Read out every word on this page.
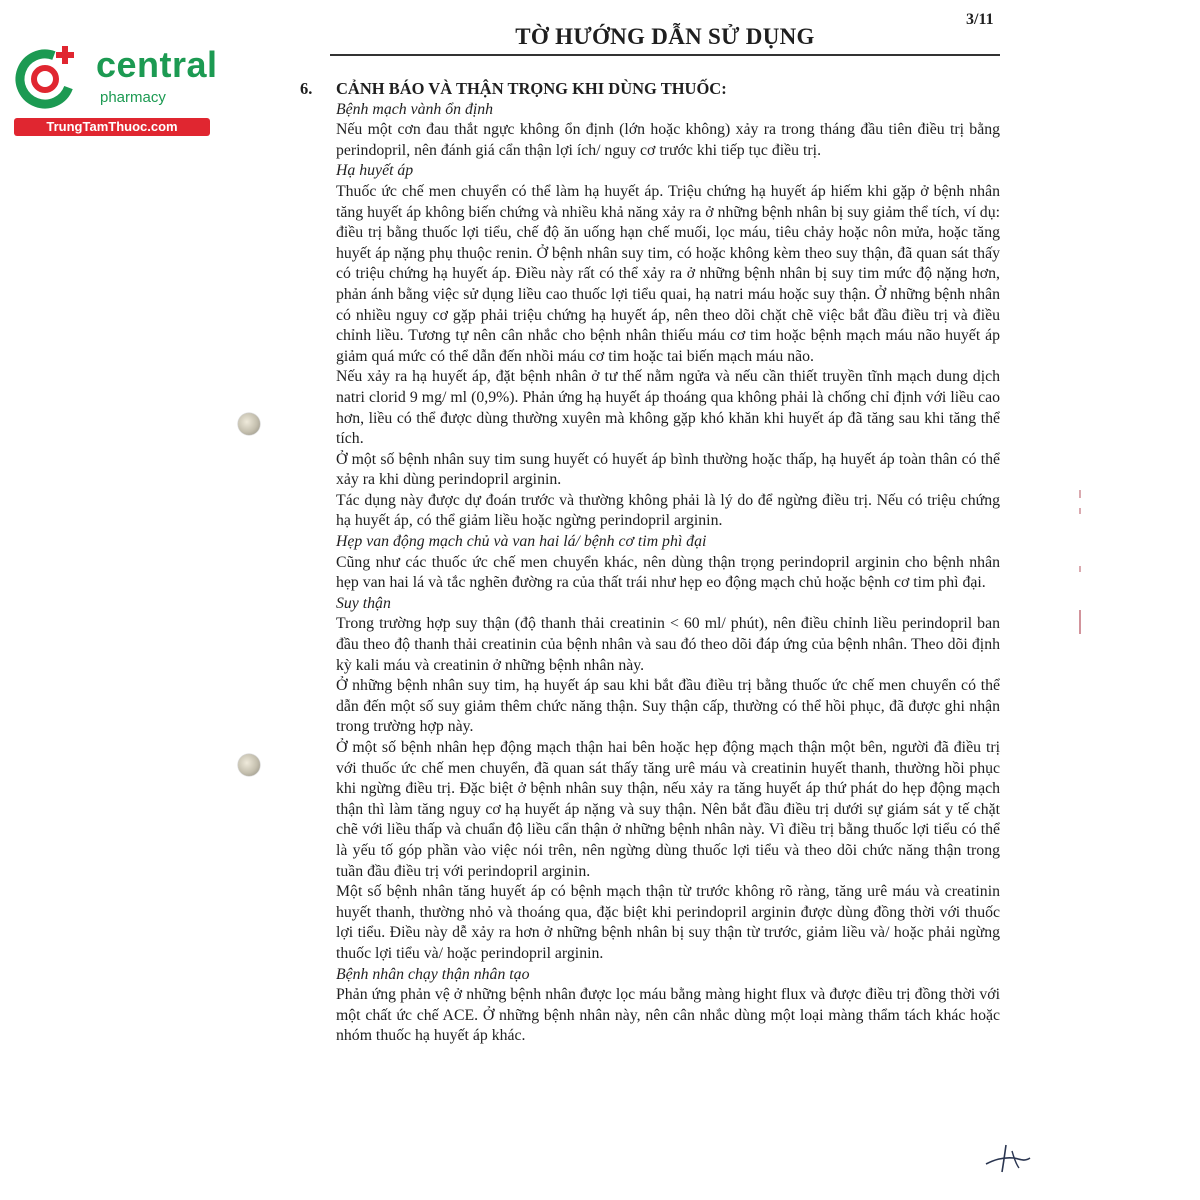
central
pharmacy
TrungTamThuoc.com
3/11
TỜ HƯỚNG DẪN SỬ DỤNG
6. CẢNH BÁO VÀ THẬN TRỌNG KHI DÙNG THUỐC:

Bệnh mạch vành ổn định

Nếu một cơn đau thắt ngực không ổn định (lớn hoặc không) xảy ra trong tháng đầu tiên điều trị bằng perindopril, nên đánh giá cẩn thận lợi ích/ nguy cơ trước khi tiếp tục điều trị.

Hạ huyết áp

Thuốc ức chế men chuyển có thể làm hạ huyết áp. Triệu chứng hạ huyết áp hiếm khi gặp ở bệnh nhân tăng huyết áp không biến chứng và nhiều khả năng xảy ra ở những bệnh nhân bị suy giảm thể tích, ví dụ: điều trị bằng thuốc lợi tiểu, chế độ ăn uống hạn chế muối, lọc máu, tiêu chảy hoặc nôn mửa, hoặc tăng huyết áp nặng phụ thuộc renin. Ở bệnh nhân suy tim, có hoặc không kèm theo suy thận, đã quan sát thấy có triệu chứng hạ huyết áp. Điều này rất có thể xảy ra ở những bệnh nhân bị suy tim mức độ nặng hơn, phản ánh bằng việc sử dụng liều cao thuốc lợi tiểu quai, hạ natri máu hoặc suy thận. Ở những bệnh nhân có nhiều nguy cơ gặp phải triệu chứng hạ huyết áp, nên theo dõi chặt chẽ việc bắt đầu điều trị và điều chỉnh liều. Tương tự nên cân nhắc cho bệnh nhân thiếu máu cơ tim hoặc bệnh mạch máu não huyết áp giảm quá mức có thể dẫn đến nhồi máu cơ tim hoặc tai biến mạch máu não.

Nếu xảy ra hạ huyết áp, đặt bệnh nhân ở tư thế nằm ngửa và nếu cần thiết truyền tĩnh mạch dung dịch natri clorid 9 mg/ ml (0,9%). Phản ứng hạ huyết áp thoáng qua không phải là chống chỉ định với liều cao hơn, liều có thể được dùng thường xuyên mà không gặp khó khăn khi huyết áp đã tăng sau khi tăng thể tích.

Ở một số bệnh nhân suy tim sung huyết có huyết áp bình thường hoặc thấp, hạ huyết áp toàn thân có thể xảy ra khi dùng perindopril arginin.

Tác dụng này được dự đoán trước và thường không phải là lý do để ngừng điều trị. Nếu có triệu chứng hạ huyết áp, có thể giảm liều hoặc ngừng perindopril arginin.

Hẹp van động mạch chủ và van hai lá/ bệnh cơ tim phì đại

Cũng như các thuốc ức chế men chuyển khác, nên dùng thận trọng perindopril arginin cho bệnh nhân hẹp van hai lá và tắc nghẽn đường ra của thất trái như hẹp eo động mạch chủ hoặc bệnh cơ tim phì đại.

Suy thận

Trong trường hợp suy thận (độ thanh thải creatinin < 60 ml/ phút), nên điều chỉnh liều perindopril ban đầu theo độ thanh thải creatinin của bệnh nhân và sau đó theo dõi đáp ứng của bệnh nhân. Theo dõi định kỳ kali máu và creatinin ở những bệnh nhân này.

Ở những bệnh nhân suy tim, hạ huyết áp sau khi bắt đầu điều trị bằng thuốc ức chế men chuyển có thể dẫn đến một số suy giảm thêm chức năng thận. Suy thận cấp, thường có thể hồi phục, đã được ghi nhận trong trường hợp này.

Ở một số bệnh nhân hẹp động mạch thận hai bên hoặc hẹp động mạch thận một bên, người đã điều trị với thuốc ức chế men chuyển, đã quan sát thấy tăng urê máu và creatinin huyết thanh, thường hồi phục khi ngừng điều trị. Đặc biệt ở bệnh nhân suy thận, nếu xảy ra tăng huyết áp thứ phát do hẹp động mạch thận thì làm tăng nguy cơ hạ huyết áp nặng và suy thận. Nên bắt đầu điều trị dưới sự giám sát y tế chặt chẽ với liều thấp và chuẩn độ liều cẩn thận ở những bệnh nhân này. Vì điều trị bằng thuốc lợi tiểu có thể là yếu tố góp phần vào việc nói trên, nên ngừng dùng thuốc lợi tiểu và theo dõi chức năng thận trong tuần đầu điều trị với perindopril arginin.

Một số bệnh nhân tăng huyết áp có bệnh mạch thận từ trước không rõ ràng, tăng urê máu và creatinin huyết thanh, thường nhỏ và thoáng qua, đặc biệt khi perindopril arginin được dùng đồng thời với thuốc lợi tiểu. Điều này dễ xảy ra hơn ở những bệnh nhân bị suy thận từ trước, giảm liều và/ hoặc phải ngừng thuốc lợi tiểu và/ hoặc perindopril arginin.

Bệnh nhân chạy thận nhân tạo

Phản ứng phản vệ ở những bệnh nhân được lọc máu bằng màng hight flux và được điều trị đồng thời với một chất ức chế ACE. Ở những bệnh nhân này, nên cân nhắc dùng một loại màng thẩm tách khác hoặc nhóm thuốc hạ huyết áp khác.
